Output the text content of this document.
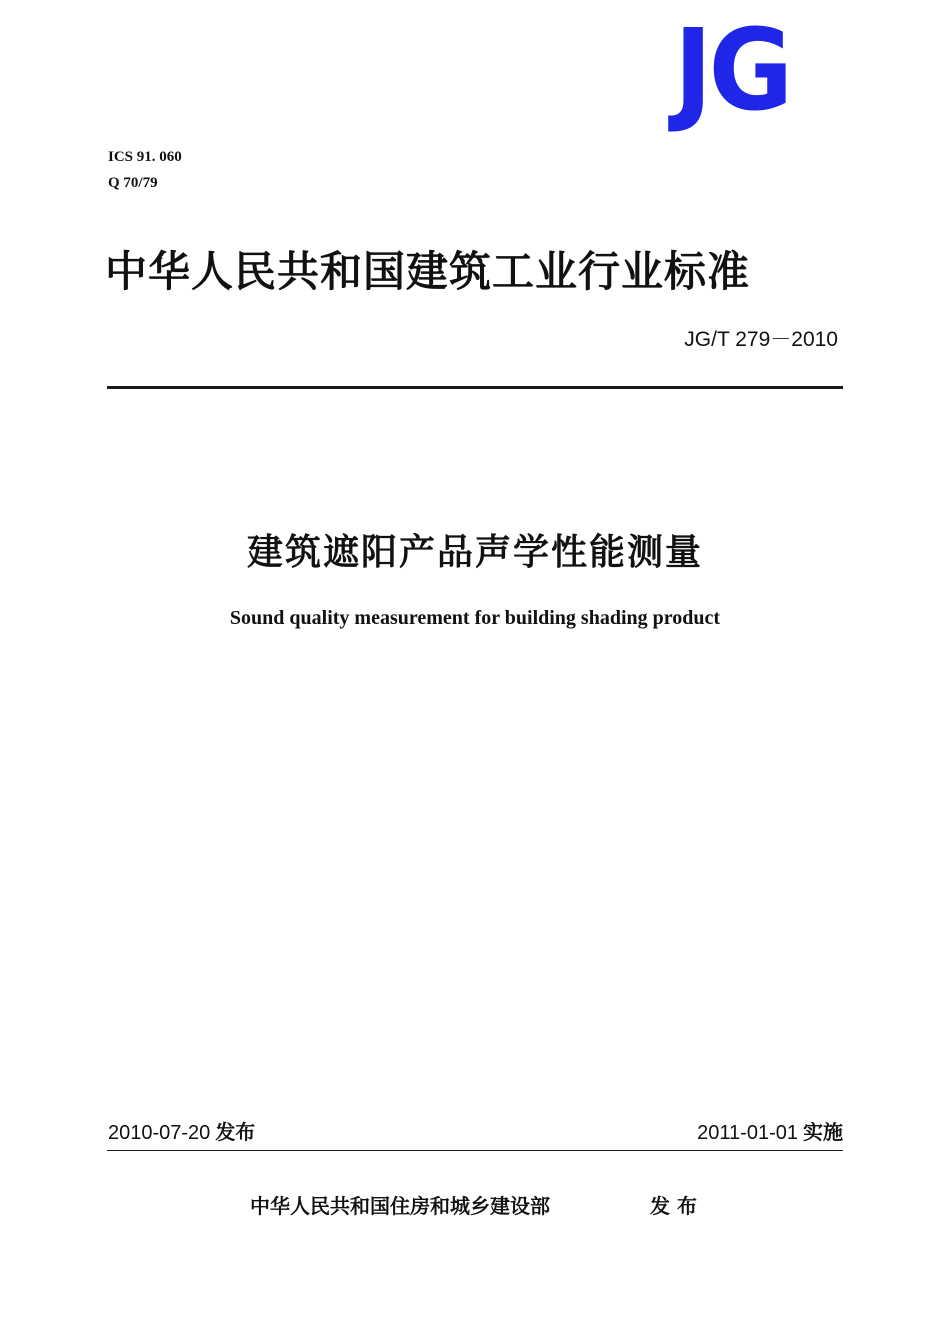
JG
ICS 91. 060
Q 70/79
中华人民共和国建筑工业行业标准
JG/T 279－2010
建筑遮阳产品声学性能测量
Sound quality measurement for building shading product
2010-07-20 发布	2011-01-01 实施
中华人民共和国住房和城乡建设部	发 布
